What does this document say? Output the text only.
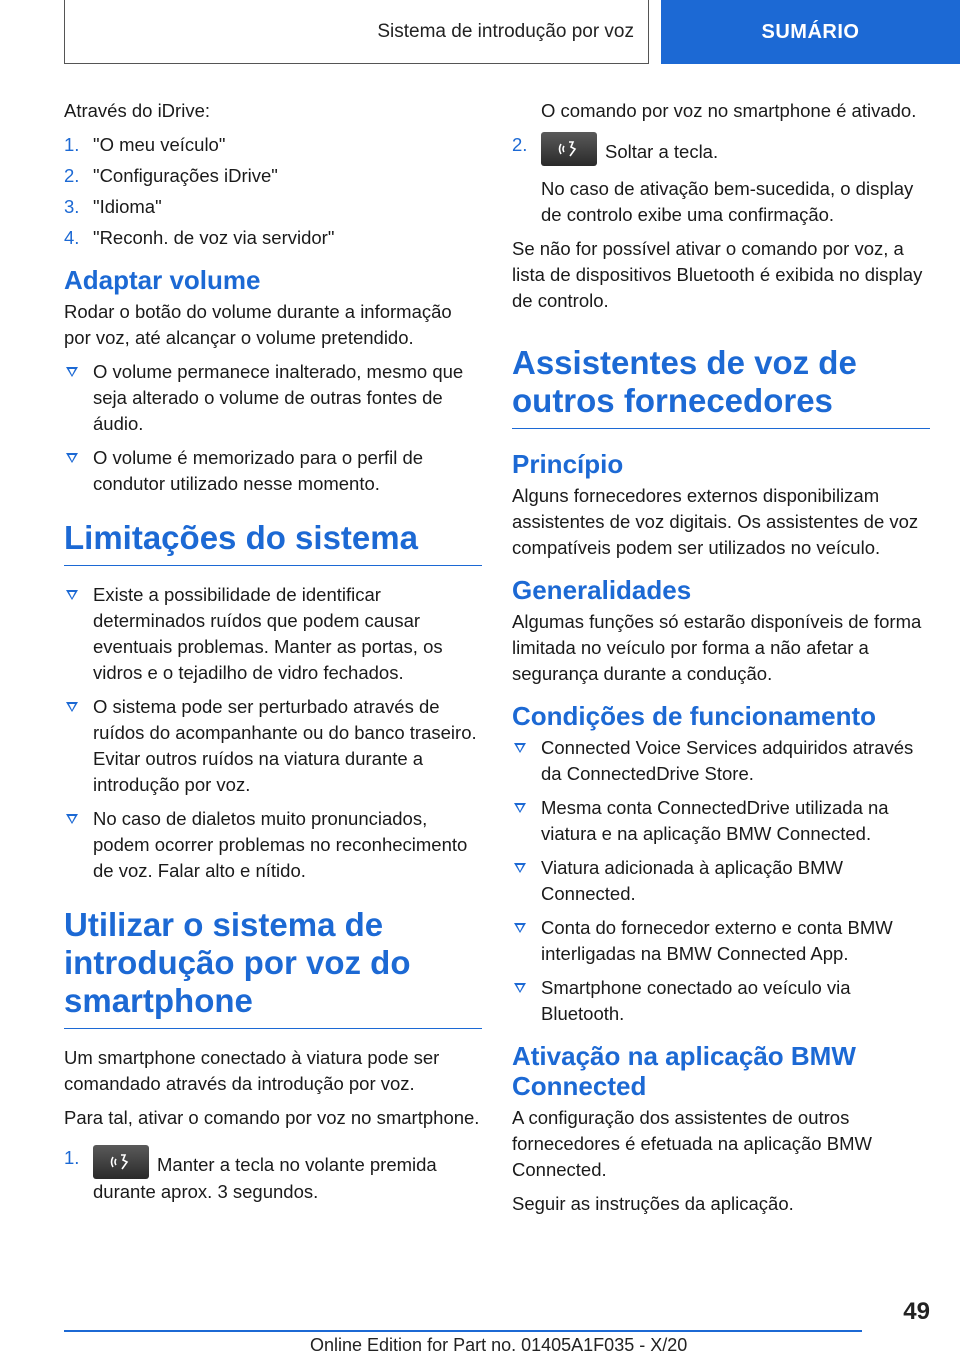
Sistema de introdução por voz	SUMÁRIO

Através do iDrive:

1. "O meu veículo"
2. "Configurações iDrive"
3. "Idioma"
4. "Reconh. de voz via servidor"
Adaptar volume

Rodar o botão do volume durante a informação por voz, até alcançar o volume pretendido.

O volume permanece inalterado, mesmo que seja alterado o volume de outras fontes de áudio.
O volume é memorizado para o perfil de condutor utilizado nesse momento.
Limitações do sistema
Existe a possibilidade de identificar determinados ruídos que podem causar eventuais problemas. Manter as portas, os vidros e o tejadilho de vidro fechados.
O sistema pode ser perturbado através de ruídos do acompanhante ou do banco traseiro. Evitar outros ruídos na viatura durante a introdução por voz.
No caso de dialetos muito pronunciados, podem ocorrer problemas no reconhecimento de voz. Falar alto e nítido.
Utilizar o sistema de introdução por voz do smartphone

Um smartphone conectado à viatura pode ser comandado através da introdução por voz.

Para tal, ativar o comando por voz no smartphone.

1.	Manter a tecla no volante premida durante aprox. 3 segundos.

O comando por voz no smartphone é ativado.

2.	Soltar a tecla.

No caso de ativação bem-sucedida, o display de controlo exibe uma confirmação.

Se não for possível ativar o comando por voz, a lista de dispositivos Bluetooth é exibida no display de controlo.

Assistentes de voz de outros fornecedores
Princípio

Alguns fornecedores externos disponibilizam assistentes de voz digitais. Os assistentes de voz compatíveis podem ser utilizados no veículo.

Generalidades

Algumas funções só estarão disponíveis de forma limitada no veículo por forma a não afetar a segurança durante a condução.

Condições de funcionamento
Connected Voice Services adquiridos através da ConnectedDrive Store.
Mesma conta ConnectedDrive utilizada na viatura e na aplicação BMW Connected.
Viatura adicionada à aplicação BMW Connected.
Conta do fornecedor externo e conta BMW interligadas na BMW Connected App.
Smartphone conectado ao veículo via Bluetooth.
Ativação na aplicação BMW Connected

A configuração dos assistentes de outros fornecedores é efetuada na aplicação BMW Connected.

Seguir as instruções da aplicação.

49
Online Edition for Part no. 01405A1F035 - X/20
